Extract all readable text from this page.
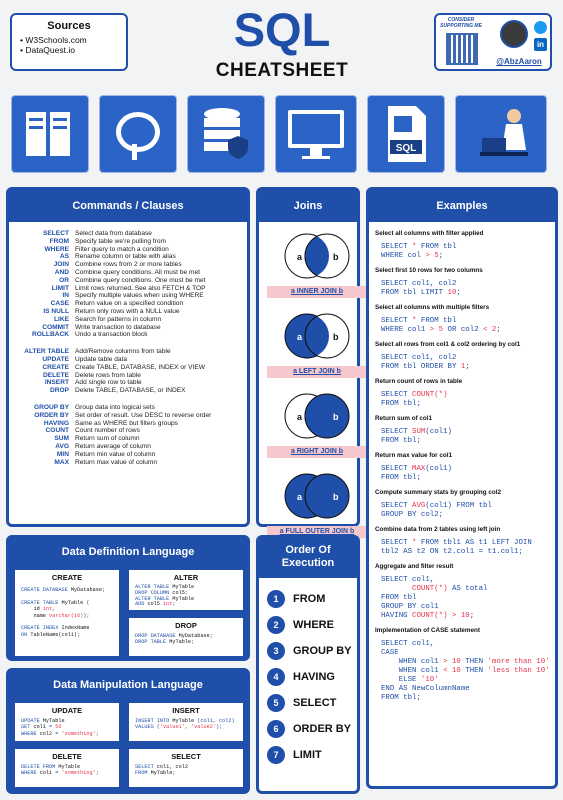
Sources
• W3Schools.com
• DataQuest.io	SQL
CHEATSHEET
CONSIDER SUPPORTING ME
in
@AbzAaron
SQL
Commands / Clauses
SELECT Select data from database
FROM Specify table we're pulling from
WHERE Filter query to match a condition
AS Rename column or table with alias
JOIN Combine rows from 2 or more tables
AND Combine query conditions. All must be met
OR Combine query conditions. One must be met
LIMIT Limit rows returned. See also FETCH & TOP
IN Specify multiple values when using WHERE
CASE Return value on a specified condition
IS NULL Return only rows with a NULL value
LIKE Search for patterns in column
COMMIT Write transaction to database
ROLLBACK Undo a transaction block
ALTER TABLE Add/Remove columns from table
UPDATE Update table data
CREATE Create TABLE, DATABASE, INDEX or VIEW
DELETE Delete rows from table
INSERT Add single row to table
DROP Delete TABLE, DATABASE, or INDEX
GROUP BY Group data into logical sets
ORDER BY Set order of result. Use DESC to reverse order
HAVING Same as WHERE but filters groups
COUNT Count number of rows
SUM Return sum of column
AVG Return average of column
MIN Return min value of column
MAX Return max value of column
Joins
a	b
a INNER JOIN b
a	b
a LEFT JOIN b
a	b
a RIGHT JOIN b
a	b
a FULL OUTER JOIN b
Examples
Select all columns with filter applied
SELECT * FROM tbl
WHERE col > 5;
Select first 10 rows for two columns
SELECT col1, col2
FROM tbl LIMIT 10;
Select all columns with multiple filters
SELECT * FROM tbl
WHERE col1 > 5 OR col2 < 2;
Select all rows from col1 & col2 ordering by col1
SELECT col1, col2
FROM tbl ORDER BY 1;
Return count of rows in table
SELECT COUNT(*)
FROM tbl;
Return sum of col1
SELECT SUM(col1)
FROM tbl;
Return max value for col1
SELECT MAX(col1)
FROM tbl;
Compute summary stats by grouping col2
SELECT AVG(col1) FROM tbl
GROUP BY col2;
Combine data from 2 tables using left join
SELECT * FROM tbl1 AS t1 LEFT JOIN
tbl2 AS t2 ON t2.col1 = t1.col1;
Aggregate and filter result
SELECT col1,
COUNT(*) AS total
FROM tbl
GROUP BY col1
HAVING COUNT(*) > 10;
Implementation of CASE statement
SELECT col1,
CASE
WHEN col1 > 10 THEN 'more than 10'
WHEN col1 < 10 THEN 'less than 10'
ELSE '10'
END AS NewColumnName
FROM tbl;
Data Definition Language
CREATE
CREATE DATABASE MyDatabase;

CREATE TABLE MyTable (
id int,
name varchar(16));

CREATE INDEX IndexName
ON TableName(col1);
ALTER
ALTER TABLE MyTable
DROP COLUMN col5;
ALTER TABLE MyTable
ADD col5 int;
DROP
DROP DATABASE MyDatabase;
DROP TABLE MyTable;
Data Manipulation Language
UPDATE
UPDATE MyTable
SET col1 = 56
WHERE col2 = 'something';
INSERT
INSERT INTO MyTable (col1, col2)
VALUES ('value1', 'value2');
DELETE
DELETE FROM MyTable
WHERE col1 = 'something';
SELECT
SELECT col1, col2
FROM MyTable;
Order Of Execution
1	FROM
2	WHERE
3	GROUP BY
4	HAVING
5	SELECT
6	ORDER BY
7	LIMIT
